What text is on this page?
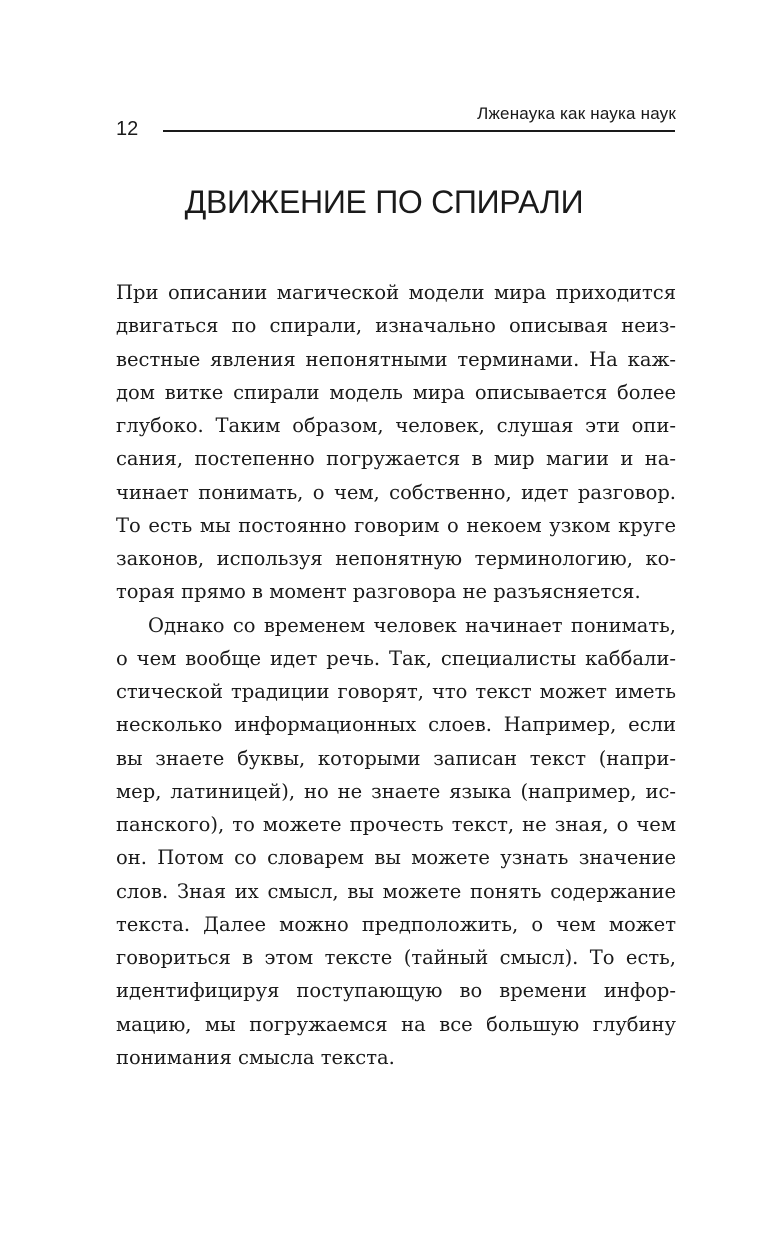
Лженаука как наука наук
12
ДВИЖЕНИЕ ПО СПИРАЛИ
При описании магической модели мира приходится
двигаться по спирали, изначально описывая неиз-
вестные явления непонятными терминами. На каж-
дом витке спирали модель мира описывается более
глубоко. Таким образом, человек, слушая эти опи-
сания, постепенно погружается в мир магии и на-
чинает понимать, о чем, собственно, идет разговор.
То есть мы постоянно говорим о некоем узком круге
законов, используя непонятную терминологию, ко-
торая прямо в момент разговора не разъясняется.
Однако со временем человек начинает понимать,
о чем вообще идет речь. Так, специалисты каббали-
стической традиции говорят, что текст может иметь
несколько информационных слоев. Например, если
вы знаете буквы, которыми записан текст (напри-
мер, латиницей), но не знаете языка (например, ис-
панского), то можете прочесть текст, не зная, о чем
он. Потом со словарем вы можете узнать значение
слов. Зная их смысл, вы можете понять содержание
текста. Далее можно предположить, о чем может
говориться в этом тексте (тайный смысл). То есть,
идентифицируя поступающую во времени инфор-
мацию, мы погружаемся на все большую глубину
понимания смысла текста.
